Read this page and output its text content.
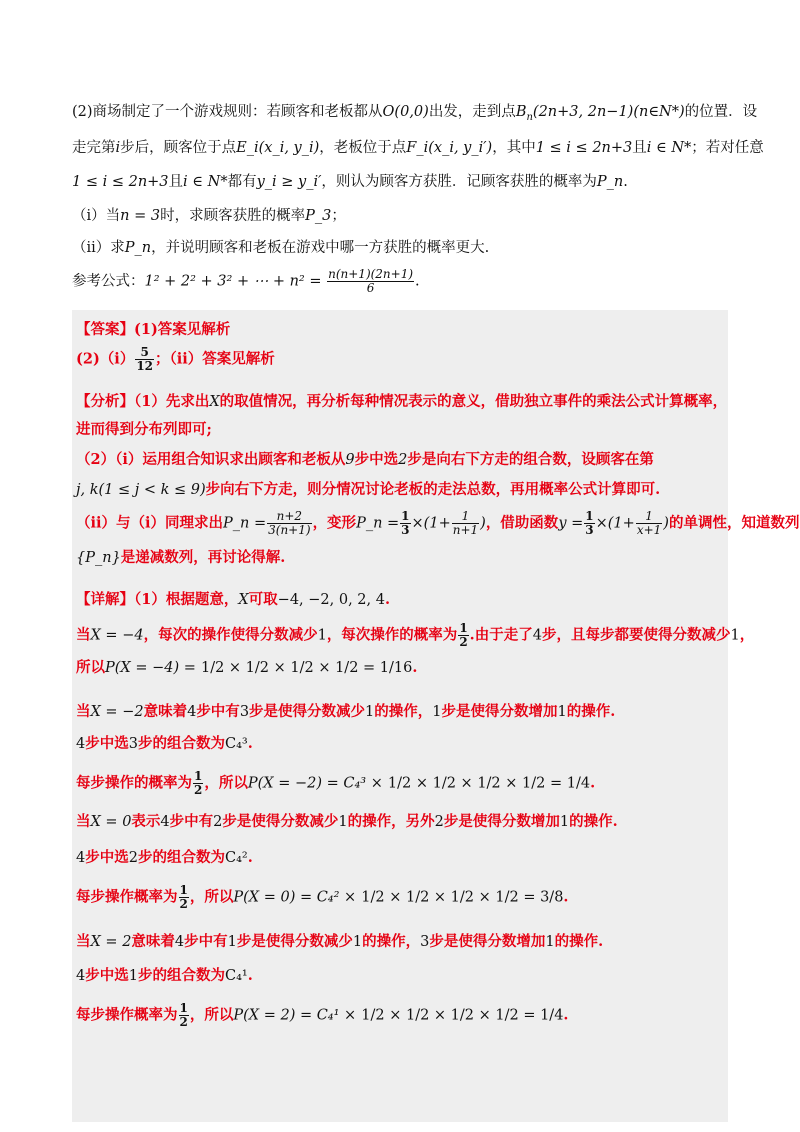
(2)商场制定了一个游戏规则：若顾客和老板都从O(0,0)出发，走到点$B_n(2n+3$, 2n−1)(n∈N*)的位置．设
走完第i步后，顾客位于点E_i(x_i, y_i)，老板位于点F_i(x_i, y_i′)，其中1 ≤ i ≤ 2n+3且i ∈ N*；若对任意
1 ≤ i ≤ 2n+3且i ∈ N*都有y_i ≥ y_i′，则认为顾客方获胜．记顾客获胜的概率为P_n.
（i）当n = 3时，求顾客获胜的概率P_3；
（ii）求P_n，并说明顾客和老板在游戏中哪一方获胜的概率更大.
参考公式：1² + 2² + 3² + ⋯ + $n^2 = \frac{n(n+1)(2n+1)}{6}$ .
【答案】(1)答案见解析
$(2)(i) \frac{5}{12}$ ；（ii）答案见解析
【分析】（1）先求出X的取值情况，再分析每种情况表示的意义，借助独立事件的乘法公式计算概率，
进而得到分布列即可;
（2）（i）运用组合知识求出顾客和老板从9步中选2步是向右下方走的组合数，设顾客在第
j, k(1 ≤ j < k ≤ 9)步向右下方走，则分情况讨论老板的走法总数，再用概率公式计算即可.
（ii）与（i）同理求出P_n = $\frac{n+2}{3(n+1)}$ ，变形P_n = $\frac{1}{3} \times(1+ \frac{1}{n+1}$ )，借助函数$y = \frac{1}{3} \times(1+ \frac{1}{x+1}$ )的单调性，知道数列
{P_n}是递减数列，再讨论得解.
【详解】（1）根据题意，X可取−4, −2, 0, 2, 4.
当X = −4，每次的操作使得分数减少1，每次操作的概率为 $\frac{1}{2}$ .由于走了4步，且每步都要使得分数减少1，
所以P(X = −4) = 1/2 × 1/2 × 1/2 × 1/2 = 1/16.
当X = −2意味着4步中有3步是使得分数减少1的操作，1步是使得分数增加1的操作.
4步中选3步的组合数为C₄³.
每步操作的概率为 $\frac{1}{2}$ ，所以P(X = −2) = C₄³ × 1/2 × 1/2 × 1/2 × 1/2 = 1/4.
当X = 0表示4步中有2步是使得分数减少1的操作，另外2步是使得分数增加1的操作.
4步中选2步的组合数为C₄².
每步操作概率为 $\frac{1}{2}$ ，所以P(X = 0) = C₄² × 1/2 × 1/2 × 1/2 × 1/2 = 3/8.
当X = 2意味着4步中有1步是使得分数减少1的操作，3步是使得分数增加1的操作.
4步中选1步的组合数为C₄¹.
每步操作概率为 $\frac{1}{2}$ ，所以P(X = 2) = C₄¹ × 1/2 × 1/2 × 1/2 × 1/2 = 1/4.
